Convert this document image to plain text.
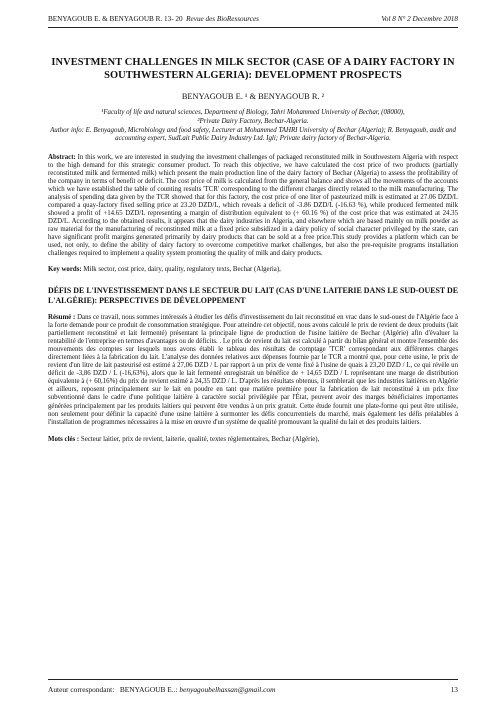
BENYAGOUB E. & BENYAGOUB R. 13- 20 Revue des BioRessources	Vol 8 N° 2 Decembre 2018
INVESTMENT CHALLENGES IN MILK SECTOR (CASE OF A DAIRY FACTORY IN SOUTHWESTERN ALGERIA): DEVELOPMENT PROSPECTS
BENYAGOUB E. ¹ & BENYAGOUB R. ²
¹Faculty of life and natural sciences, Department of Biology, Tahri Mohammed University of Bechar, (08000),
²Private Dairy Factory, Bechar-Algeria.
Author info: E. Benyagoub, Microbiology and food safety, Lecturer at Mohammed TAHRI University of Bechar (Algeria); R. Benyagoub, audit and accounting expert, SudLait Public Dairy Industry Ltd. Igli; Private dairy factory of Bechar-Algeria.
Abstract: In this work, we are interested in studying the investment challenges of packaged reconstituted milk in Southwestern Algeria with respect to the high demand for this strategic consumer product. To reach this objective, we have calculated the cost price of two products (partially reconstituted milk and fermented milk) which present the main production line of the dairy factory of Bechar (Algeria) to assess the profitability of the company in terms of benefit or deficit. The cost price of milk is calculated from the general balance and shows all the movements of the accounts which we have established the table of counting results 'TCR' corresponding to the different charges directly related to the milk manufacturing. The analysis of spending data given by the TCR showed that for this factory, the cost price of one liter of pasteurized milk is estimated at 27.06 DZD/L compared a quay-factory fixed selling price at 23.20 DZD/L, which reveals a deficit of -3.86 DZD/L (-16.63 %), while produced fermented milk showed a profit of +14.65 DZD/L representing a margin of distribution equivalent to (+ 60.16 %) of the cost price that was estimated at 24.35 DZD/L. According to the obtained results, it appears that the dairy industries in Algeria, and elsewhere which are based mainly on milk powder as raw material for the manufacturing of reconstituted milk at a fixed price subsidized in a dairy policy of social character privileged by the state, can have significant profit margins generated primarily by dairy products that can be sold at a free price.This study provides a platform which can be used, not only, to define the ability of dairy factory to overcome competitive market challenges, but also the pre-requisite programs installation challenges required to implement a quality system promoting the quality of milk and dairy products.
Key words: Milk sector, cost price, dairy, quality, regulatory texts, Bechar (Algeria),
DÉFIS DE L'INVESTISSEMENT DANS LE SECTEUR DU LAIT (CAS D'UNE LAITERIE DANS LE SUD-OUEST DE L'ALGÉRIE): PERSPECTIVES DE DÉVELOPPEMENT
Résumé : Dans ce travail, nous sommes intéressés à étudier les défis d'investissement du lait reconstitué en vrac dans le sud-ouest de l'Algérie face à la forte demande pour ce produit de consommation stratégique. Pour atteindre cet objectif, nous avons calculé le prix de revient de deux produits (lait partiellement reconstitué et lait fermenté) présentant la principale ligne de production de l'usine laitière de Bechar (Algérie) afin d'évaluer la rentabilité de l'entreprise en termes d'avantages ou de déficits. . Le prix de revient du lait est calculé à partir du bilan général et montre l'ensemble des mouvements des comptes sur lesquels nous avons établi le tableau des résultats de comptage 'TCR' correspondant aux différentes charges directement liées à la fabrication du lait. L'analyse des données relatives aux dépenses fournie par le TCR a montré que, pour cette usine, le prix de revient d'un litre de lait pasteurisé est estimé à 27,06 DZD / L par rapport à un prix de vente fixé à l'usine de quais à 23,20 DZD / L, ce qui révèle un déficit de -3,86 DZD / L (-16,63%), alors que le lait fermenté enregistrait un bénéfice de + 14,65 DZD / L représentant une marge de distribution équivalente à (+ 60,16%) du prix de revient estimé à 24,35 DZD / L. D'après les résultats obtenus, il semblerait que les industries laitières en Algérie et ailleurs, reposent principalement sur le lait en poudre en tant que matière première pour la fabrication de lait reconstitué à un prix fixe subventionné dans le cadre d'une politique laitière à caractère social privilégiée par l'État, peuvent avoir des marges bénéficiaires importantes générées principalement par les produits laitiers qui peuvent être vendus à un prix gratuit. Cette étude fournit une plate-forme qui peut être utilisée, non seulement pour définir la capacité d'une usine laitière à surmonter les défis concurrentiels du marché, mais également les défis préalables à l'installation de programmes nécessaires à la mise en œuvre d'un système de qualité promouvant la qualité du lait et des produits laitiers.
Mots clés : Secteur laitier, prix de revient, laiterie, qualité, textes réglementaires, Bechar (Algérie),
Auteur correspondant: BENYAGOUB E..: benyagoubelhassan@gmail.com	13
